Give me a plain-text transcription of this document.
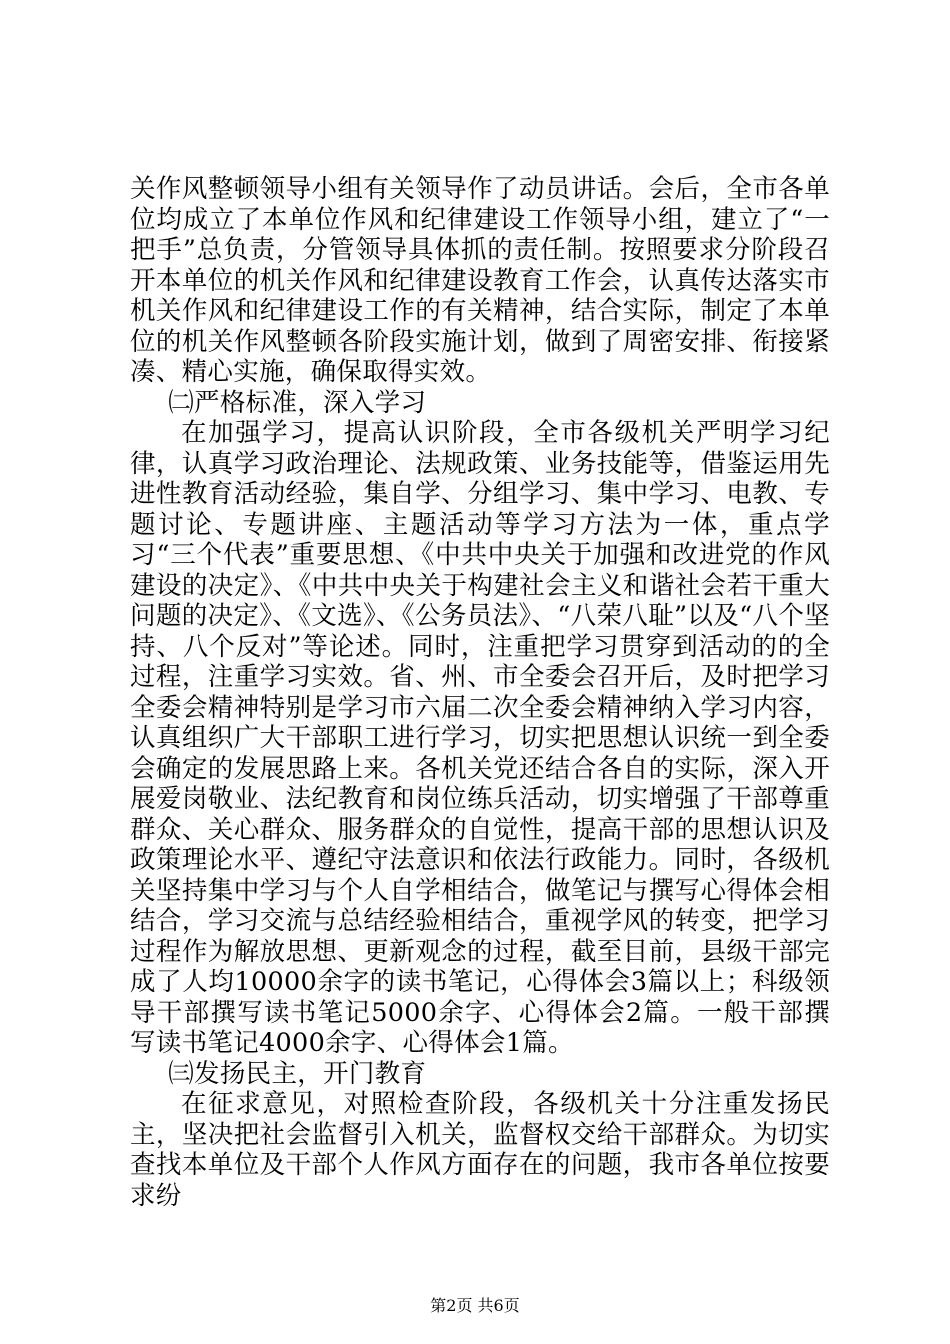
关作风整顿领导小组有关领导作了动员讲话。会后，全市各单位均成立了本单位作风和纪律建设工作领导小组，建立了“一把手”总负责，分管领导具体抓的责任制。按照要求分阶段召开本单位的机关作风和纪律建设教育工作会，认真传达落实市机关作风和纪律建设工作的有关精神，结合实际，制定了本单位的机关作风整顿各阶段实施计划，做到了周密安排、衔接紧凑、精心实施，确保取得实效。

㈡严格标准，深入学习

在加强学习，提高认识阶段，全市各级机关严明学习纪律，认真学习政治理论、法规政策、业务技能等，借鉴运用先进性教育活动经验，集自学、分组学习、集中学习、电教、专题讨论、专题讲座、主题活动等学习方法为一体，重点学习“三个代表”重要思想、《中共中央关于加强和改进党的作风建设的决定》、《中共中央关于构建社会主义和谐社会若干重大问题的决定》、《文选》、《公务员法》、“八荣八耻”以及“八个坚持、八个反对”等论述。同时，注重把学习贯穿到活动的的全过程，注重学习实效。省、州、市全委会召开后，及时把学习全委会精神特别是学习市六届二次全委会精神纳入学习内容，认真组织广大干部职工进行学习，切实把思想认识统一到全委会确定的发展思路上来。各机关党还结合各自的实际，深入开展爱岗敬业、法纪教育和岗位练兵活动，切实增强了干部尊重群众、关心群众、服务群众的自觉性，提高干部的思想认识及政策理论水平、遵纪守法意识和依法行政能力。同时，各级机关坚持集中学习与个人自学相结合，做笔记与撰写心得体会相结合，学习交流与总结经验相结合，重视学风的转变，把学习过程作为解放思想、更新观念的过程，截至目前，县级干部完成了人均10000余字的读书笔记，心得体会3篇以上；科级领导干部撰写读书笔记5000余字、心得体会2篇。一般干部撰写读书笔记4000余字、心得体会1篇。

㈢发扬民主，开门教育

在征求意见，对照检查阶段，各级机关十分注重发扬民主，坚决把社会监督引入机关，监督权交给干部群众。为切实查找本单位及干部个人作风方面存在的问题，我市各单位按要求纷

第2页 共6页
